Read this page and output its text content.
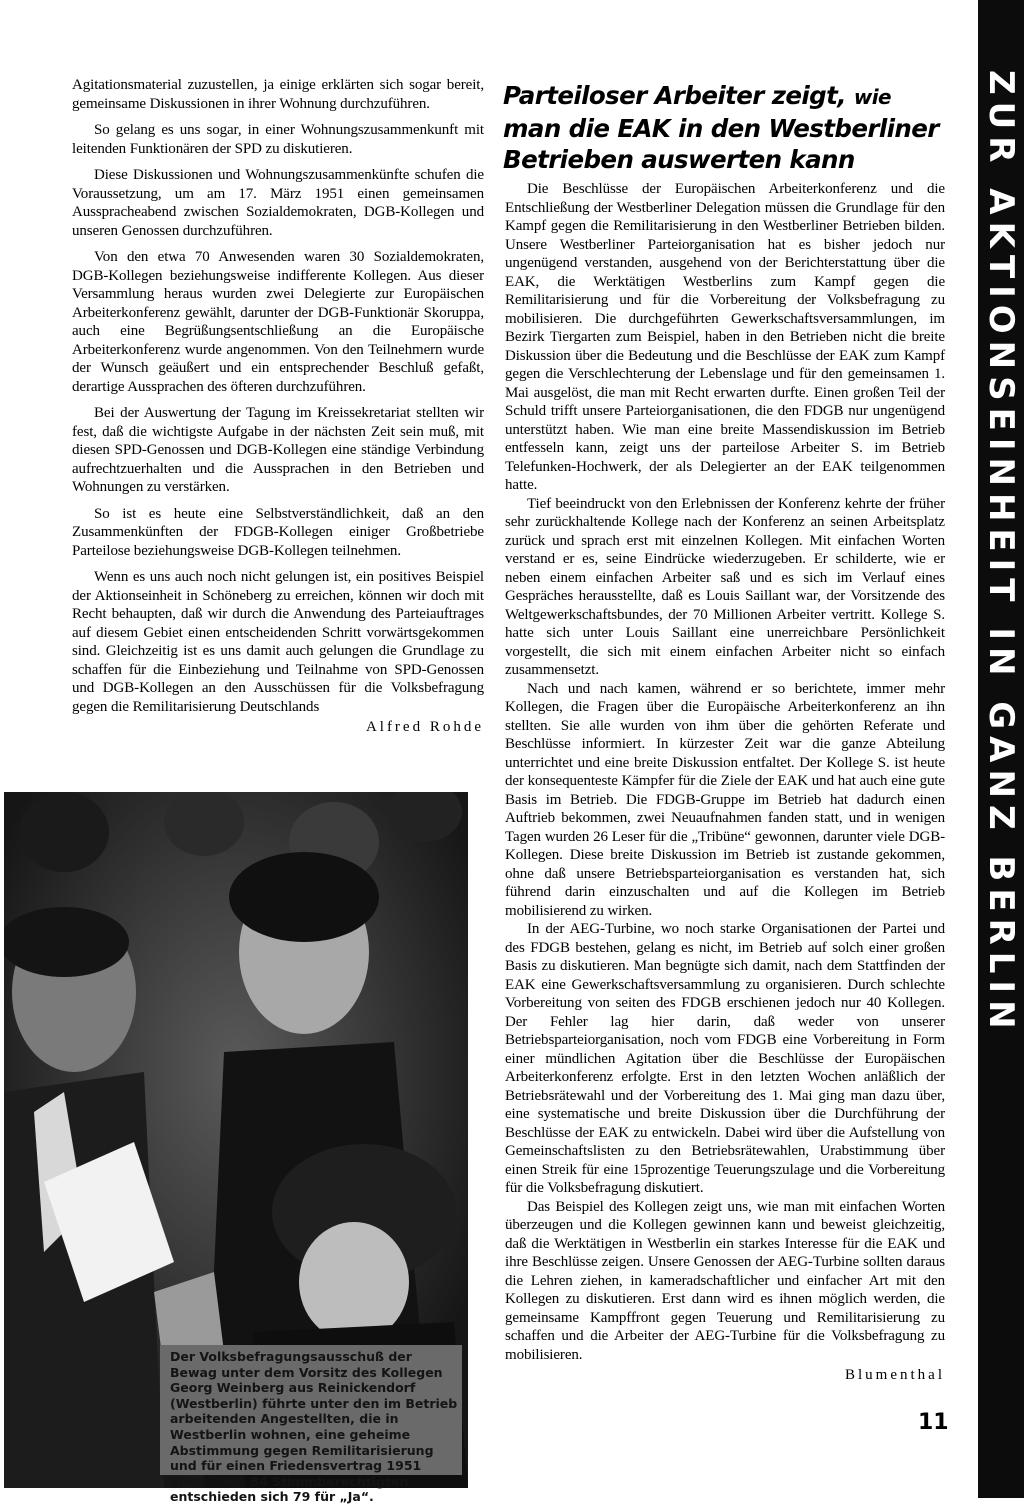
Agitationsmaterial zuzustellen, ja einige erklärten sich sogar bereit, gemeinsame Diskussionen in ihrer Wohnung durchzuführen.

So gelang es uns sogar, in einer Wohnungszusammenkunft mit leitenden Funktionären der SPD zu diskutieren.

Diese Diskussionen und Wohnungszusammenkünfte schufen die Voraussetzung, um am 17. März 1951 einen gemeinsamen Ausspracheabend zwischen Sozialdemokraten, DGB-Kollegen und unseren Genossen durchzuführen.

Von den etwa 70 Anwesenden waren 30 Sozialdemokraten, DGB-Kollegen beziehungsweise indifferente Kollegen. Aus dieser Versammlung heraus wurden zwei Delegierte zur Europäischen Arbeiterkonferenz gewählt, darunter der DGB-Funktionär Skoruppa, auch eine Begrüßungsentschließung an die Europäische Arbeiterkonferenz wurde angenommen. Von den Teilnehmern wurde der Wunsch geäußert und ein entsprechender Beschluß gefaßt, derartige Aussprachen des öfteren durchzuführen.

Bei der Auswertung der Tagung im Kreissekretariat stellten wir fest, daß die wichtigste Aufgabe in der nächsten Zeit sein muß, mit diesen SPD-Genossen und DGB-Kollegen eine ständige Verbindung aufrechtzuerhalten und die Aussprachen in den Betrieben und Wohnungen zu verstärken.

So ist es heute eine Selbstverständlichkeit, daß an den Zusammenkünften der FDGB-Kollegen einiger Großbetriebe Parteilose beziehungsweise DGB-Kollegen teilnehmen.

Wenn es uns auch noch nicht gelungen ist, ein positives Beispiel der Aktionseinheit in Schöneberg zu erreichen, können wir doch mit Recht behaupten, daß wir durch die Anwendung des Parteiauftrages auf diesem Gebiet einen entscheidenden Schritt vorwärtsgekommen sind. Gleichzeitig ist es uns damit auch gelungen die Grundlage zu schaffen für die Einbeziehung und Teilnahme von SPD-Genossen und DGB-Kollegen an den Ausschüssen für die Volksbefragung gegen die Remilitarisierung Deutschlands

Alfred Rohde
Parteiloser Arbeiter zeigt, wie
man die EAK in den Westberliner
Betrieben auswerten kann

Die Beschlüsse der Europäischen Arbeiterkonferenz und die Entschließung der Westberliner Delegation müssen die Grundlage für den Kampf gegen die Remilitarisierung in den Westberliner Betrieben bilden. Unsere Westberliner Parteiorganisation hat es bisher jedoch nur ungenügend verstanden, ausgehend von der Berichterstattung über die EAK, die Werktätigen Westberlins zum Kampf gegen die Remilitarisierung und für die Vorbereitung der Volksbefragung zu mobilisieren. Die durchgeführten Gewerkschaftsversammlungen, im Bezirk Tiergarten zum Beispiel, haben in den Betrieben nicht die breite Diskussion über die Bedeutung und die Beschlüsse der EAK zum Kampf gegen die Verschlechterung der Lebenslage und für den gemeinsamen 1. Mai ausgelöst, die man mit Recht erwarten durfte. Einen großen Teil der Schuld trifft unsere Parteiorganisationen, die den FDGB nur ungenügend unterstützt haben. Wie man eine breite Massendiskussion im Betrieb entfesseln kann, zeigt uns der parteilose Arbeiter S. im Betrieb Telefunken-Hochwerk, der als Delegierter an der EAK teilgenommen hatte.

Tief beeindruckt von den Erlebnissen der Konferenz kehrte der früher sehr zurückhaltende Kollege nach der Konferenz an seinen Arbeitsplatz zurück und sprach erst mit einzelnen Kollegen. Mit einfachen Worten verstand er es, seine Eindrücke wiederzugeben. Er schilderte, wie er neben einem einfachen Arbeiter saß und es sich im Verlauf eines Gespräches herausstellte, daß es Louis Saillant war, der Vorsitzende des Weltgewerkschaftsbundes, der 70 Millionen Arbeiter vertritt. Kollege S. hatte sich unter Louis Saillant eine unerreichbare Persönlichkeit vorgestellt, die sich mit einem einfachen Arbeiter nicht so einfach zusammensetzt.

Nach und nach kamen, während er so berichtete, immer mehr Kollegen, die Fragen über die Europäische Arbeiterkonferenz an ihn stellten. Sie alle wurden von ihm über die gehörten Referate und Beschlüsse informiert. In kürzester Zeit war die ganze Abteilung unterrichtet und eine breite Diskussion entfaltet. Der Kollege S. ist heute der konsequenteste Kämpfer für die Ziele der EAK und hat auch eine gute Basis im Betrieb. Die FDGB-Gruppe im Betrieb hat dadurch einen Auftrieb bekommen, zwei Neuaufnahmen fanden statt, und in wenigen Tagen wurden 26 Leser für die „Tribüne“ gewonnen, darunter viele DGB-Kollegen. Diese breite Diskussion im Betrieb ist zustande gekommen, ohne daß unsere Betriebsparteiorganisation es verstanden hat, sich führend darin einzuschalten und auf die Kollegen im Betrieb mobilisierend zu wirken.

In der AEG-Turbine, wo noch starke Organisationen der Partei und des FDGB bestehen, gelang es nicht, im Betrieb auf solch einer großen Basis zu diskutieren. Man begnügte sich damit, nach dem Stattfinden der EAK eine Gewerkschaftsversammlung zu organisieren. Durch schlechte Vorbereitung von seiten des FDGB erschienen jedoch nur 40 Kollegen. Der Fehler lag hier darin, daß weder von unserer Betriebsparteiorganisation, noch vom FDGB eine Vorbereitung in Form einer mündlichen Agitation über die Beschlüsse der Europäischen Arbeiterkonferenz erfolgte. Erst in den letzten Wochen anläßlich der Betriebsrätewahl und der Vorbereitung des 1. Mai ging man dazu über, eine systematische und breite Diskussion über die Durchführung der Beschlüsse der EAK zu entwickeln. Dabei wird über die Aufstellung von Gemeinschaftslisten zu den Betriebsrätewahlen, Urabstimmung über einen Streik für eine 15prozentige Teuerungszulage und die Vorbereitung für die Volksbefragung diskutiert.

Das Beispiel des Kollegen zeigt uns, wie man mit einfachen Worten überzeugen und die Kollegen gewinnen kann und beweist gleichzeitig, daß die Werktätigen in Westberlin ein starkes Interesse für die EAK und ihre Beschlüsse zeigen. Unsere Genossen der AEG-Turbine sollten daraus die Lehren ziehen, in kameradschaftlicher und einfacher Art mit den Kollegen zu diskutieren. Erst dann wird es ihnen möglich werden, die gemeinsame Kampffront gegen Teuerung und Remilitarisierung zu schaffen und die Arbeiter der AEG-Turbine für die Volksbefragung zu mobilisieren.

Blumenthal
Der Volksbefragungsausschuß der Bewag unter dem Vorsitz des Kollegen Georg Weinberg aus Reinickendorf (Westberlin) führte unter den im Betrieb arbeitenden Angestellten, die in Westberlin wohnen, eine geheime Abstimmung gegen Remilitarisierung und für einen Friedensvertrag 1951 durch. Von 84 Stimmberechtigten entschieden sich 79 für „Ja“.
ZUR AKTIONSEINHEIT IN GANZ BERLIN
11
